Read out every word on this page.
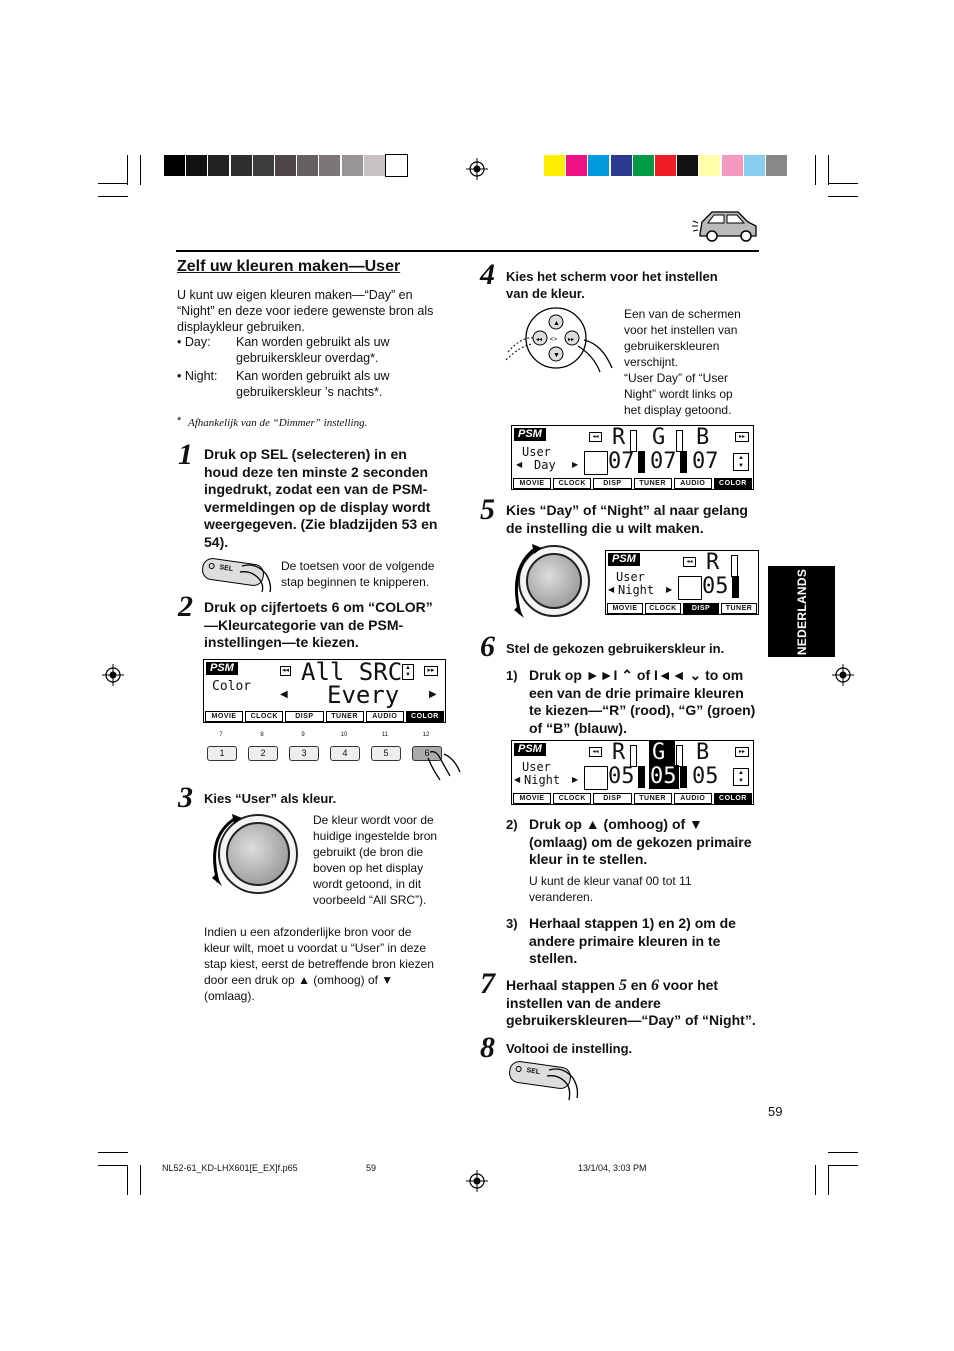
Zelf uw kleuren maken—User
U kunt uw eigen kleuren maken—“Day” en
“Night” en deze voor iedere gewenste bron als
displaykleur gebruiken.
• Day: Kan worden gebruikt als uw
gebruikerskleur overdag*.
• Night: Kan worden gebruikt als uw
gebruikerskleur ’s nachts*.
* Afhankelijk van de “Dimmer” instelling.
1 Druk op SEL (selecteren) in en
houd deze ten minste 2 seconden
ingedrukt, zodat een van de PSM-
vermeldingen op de display wordt
weergegeven. (Zie bladzijden 53 en
54).
SEL	De toetsen voor de volgende
stap beginnen te knipperen.
2 Druk op cijfertoets 6 om “COLOR”
—Kleurcategorie van de PSM-
instellingen—te kiezen.
PSM
Color
◂◂ All SRC ▲
▼
▸▸
◀ Every	▶
MOVIE	CLOCK	DISP	TUNER	AUDIO	COLOR
7	8	9	10	11	12
1	2	3	4	5	6
3 Kies “User” als kleur.
De kleur wordt voor de
huidige ingestelde bron
gebruikt (de bron die
boven op het display
wordt getoond, in dit
voorbeeld “All SRC”).
Indien u een afzonderlijke bron voor de
kleur wilt, moet u voordat u “User” in deze
stap kiest, eerst de betreffende bron kiezen
door een druk op ▲ (omhoog) of ▼
(omlaag).
4 Kies het scherm voor het instellen
van de kleur.
▲
▼
◂◂	▸▸
<>
Een van de schermen
voor het instellen van
gebruikerskleuren
verschijnt.
“User Day” of “User
Night” wordt links op
het display getoond.
PSM
User
◀ Day ▶
◂◂ R G B	▸▸
07 07 07	▲
▼
MOVIE	CLOCK	DISP	TUNER	AUDIO	COLOR
5 Kies “Day” of “Night” al naar gelang
de instelling die u wilt maken.
PSM
User
◀ Night ▶
◂◂ R
05
MOVIE	CLOCK	DISP	TUNER
6 Stel de gekozen gebruikerskleur in.
1) Druk op ►►I ⌃ of I◄◄ ⌄ to om
een van de drie primaire kleuren
te kiezen—“R” (rood), “G” (groen)
of “B” (blauw).
PSM
User
◀ Night ▶
◂◂ R G B	▸▸
05 05 05	▲
▼
MOVIE	CLOCK	DISP	TUNER	AUDIO	COLOR
2) Druk op ▲ (omhoog) of ▼
(omlaag) om de gekozen primaire
kleur in te stellen.
U kunt de kleur vanaf 00 tot 11
veranderen.
3) Herhaal stappen 1) en 2) om de
andere primaire kleuren in te
stellen.
7 Herhaal stappen 5 en 6 voor het
instellen van de andere
gebruikerskleuren—“Day” of “Night”.
8 Voltooi de instelling.
SEL
NEDERLANDS
59
NL52-61_KD-LHX601[E_EX]f.p65	59	13/1/04, 3:03 PM
